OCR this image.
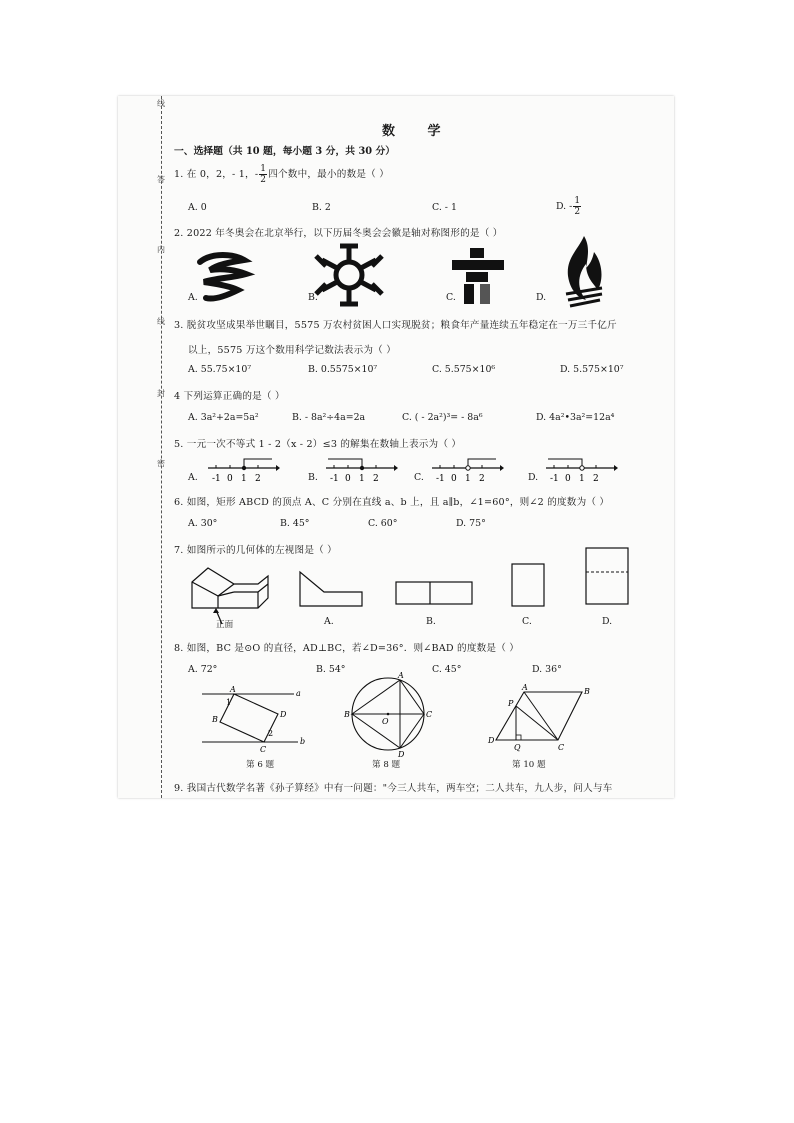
线
答
内
线
封
密
数 学
一、选择题（共 10 题，每小题 3 分，共 30 分）
1. 在 0，2，- 1，- $\frac{1}{2}$ 四个数中，最小的数是（ ）
A. 0	B. 2	C. - 1	D. - $\frac{1}{2}$
2. 2022 年冬奥会在北京举行，以下历届冬奥会会徽是轴对称图形的是（ ）
A.	B.	C.	D.
3. 脱贫攻坚成果举世瞩目，5575 万农村贫困人口实现脱贫；粮食年产量连续五年稳定在一万三千亿斤
以上，5575 万这个数用科学记数法表示为（ ）
A. 55.75×10⁷	B. 0.5575×10⁷	C. 5.575×10⁶	D. 5.575×10⁷
4 下列运算正确的是（ ）
A. 3a²+2a=5a²	B. - 8a²÷4a=2a	C. ( - 2a²)³= - 8a⁶	D. 4a²•3a²=12a⁴
5. 一元一次不等式 1 - 2（x - 2）≤3 的解集在数轴上表示为（ ）
A. -1 0 1 2	B. -1 0 1 2	C. -1 0 1 2	D. -1 0 1 2
6. 如图，矩形 ABCD 的顶点 A、C 分别在直线 a、b 上，且 a∥b，∠1=60°，则∠2 的度数为（ ）
A. 30°	B. 45°	C. 60°	D. 75°
7. 如图所示的几何体的左视图是（ ）
正面	A.	B.	C.	D.
8. 如图，BC 是⊙O 的直径，AD⊥BC，若∠D=36°．则∠BAD 的度数是（ ）
A. 72°	B. 54°	C. 45°	D. 36°
a
b
A
B
C
D
1
2
第 6 题
A
B	C
D
O
第 8 题
A	B
C
D
P
Q
第 10 题
9. 我国古代数学名著《孙子算经》中有一问题："今三人共车，两车空；二人共车，九人步，问人与车
